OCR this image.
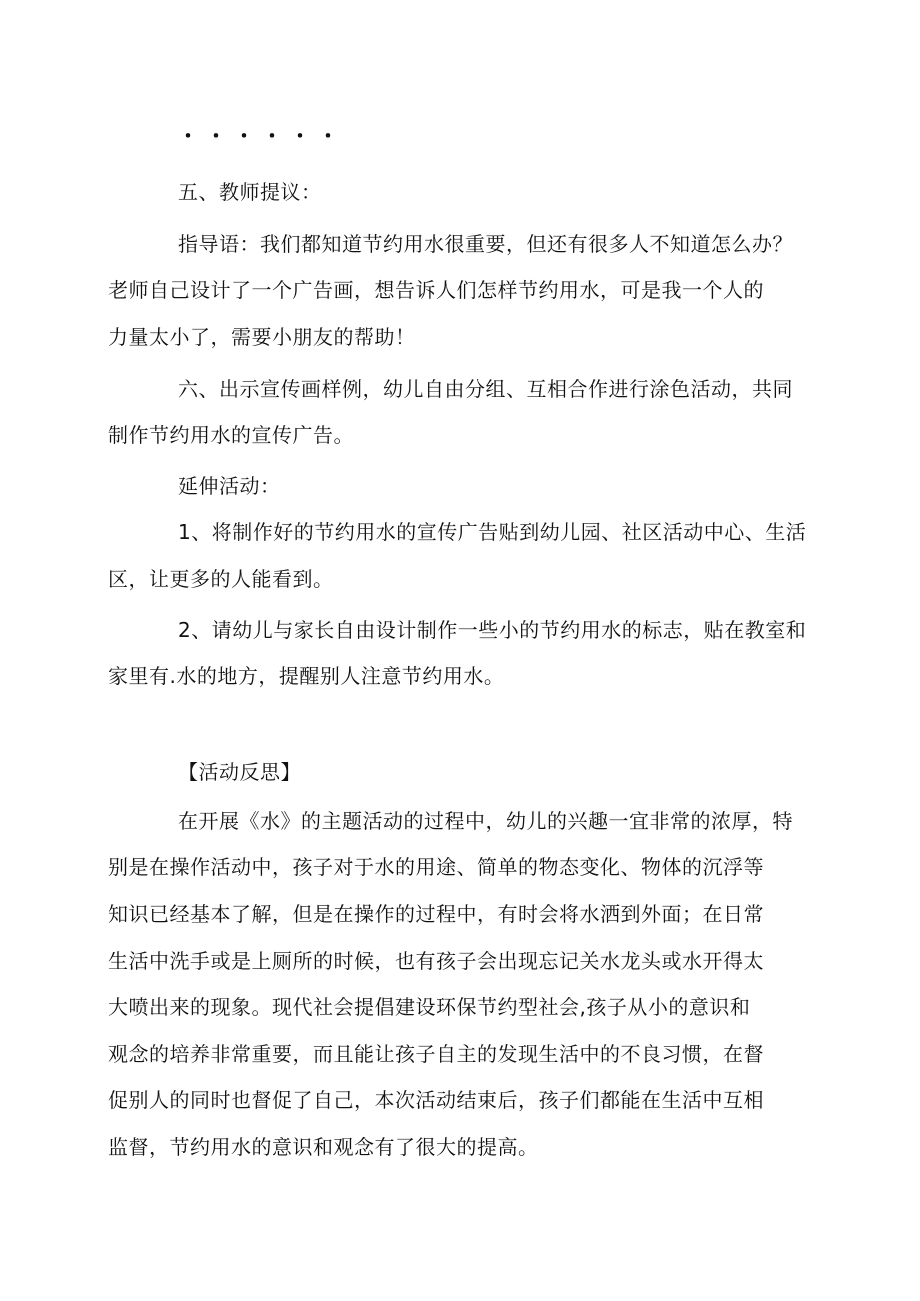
・・・・・・
五、教师提议：
指导语：我们都知道节约用水很重要，但还有很多人不知道怎么办？
老师自己设计了一个广告画，想告诉人们怎样节约用水，可是我一个人的
力量太小了，需要小朋友的帮助！
六、出示宣传画样例，幼儿自由分组、互相合作进行涂色活动，共同
制作节约用水的宣传广告。
延伸活动：
1、将制作好的节约用水的宣传广告贴到幼儿园、社区活动中心、生活
区，让更多的人能看到。
2、请幼儿与家长自由设计制作一些小的节约用水的标志，贴在教室和
家里有.水的地方，提醒别人注意节约用水。
【活动反思】
在开展《水》的主题活动的过程中，幼儿的兴趣一宜非常的浓厚，特
别是在操作活动中，孩子对于水的用途、简单的物态变化、物体的沉浮等
知识已经基本了解，但是在操作的过程中，有时会将水洒到外面；在日常
生活中洗手或是上厕所的时候，也有孩子会出现忘记关水龙头或水开得太
大喷出来的现象。现代社会提倡建设环保节约型社会,孩子从小的意识和
观念的培养非常重要，而且能让孩子自主的发现生活中的不良习惯，在督
促别人的同时也督促了自己，本次活动结束后，孩子们都能在生活中互相
监督，节约用水的意识和观念有了很大的提高。
